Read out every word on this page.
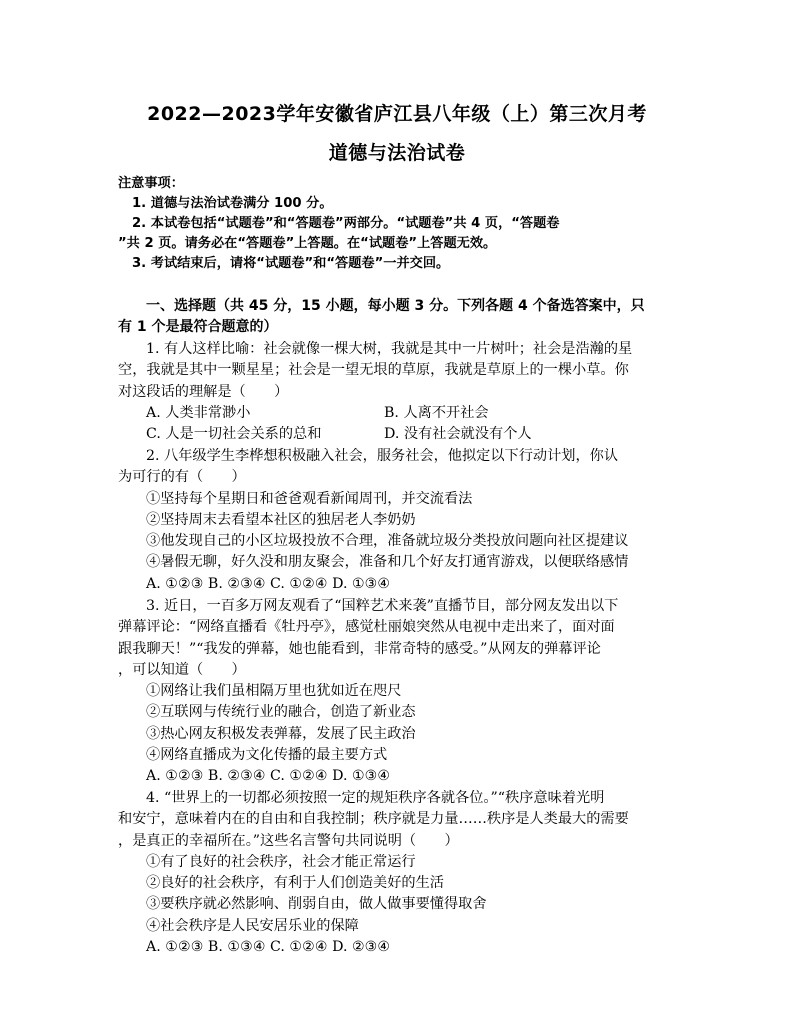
2022—2023学年安徽省庐江县八年级（上）第三次月考
道德与法治试卷

注意事项：

1. 道德与法治试卷满分 100 分。

2. 本试卷包括“试题卷”和“答题卷”两部分。“试题卷”共 4 页，“答题卷

”共 2 页。请务必在“答题卷”上答题。在“试题卷”上答题无效。

3. 考试结束后，请将“试题卷”和“答题卷”一并交回。

一、选择题（共 45 分，15 小题，每小题 3 分。下列各题 4 个备选答案中，只

有 1 个是最符合题意的）

1. 有人这样比喻：社会就像一棵大树，我就是其中一片树叶；社会是浩瀚的星

空，我就是其中一颗星星；社会是一望无垠的草原，我就是草原上的一棵小草。你

对这段话的理解是（　　）

A. 人类非常渺小	B. 人离不开社会

C. 人是一切社会关系的总和	D. 没有社会就没有个人

2. 八年级学生李桦想积极融入社会，服务社会，他拟定以下行动计划，你认

为可行的有（　　）

①坚持每个星期日和爸爸观看新闻周刊，并交流看法

②坚持周末去看望本社区的独居老人李奶奶

③他发现自己的小区垃圾投放不合理，准备就垃圾分类投放问题向社区提建议

④暑假无聊，好久没和朋友聚会，准备和几个好友打通宵游戏，以便联络感情

A. ①②③ B. ②③④ C. ①②④ D. ①③④

3. 近日，一百多万网友观看了“国粹艺术来袭”直播节目，部分网友发出以下

弹幕评论：“网络直播看《牡丹亭》，感觉杜丽娘突然从电视中走出来了，面对面

跟我聊天！”“我发的弹幕，她也能看到，非常奇特的感受。”从网友的弹幕评论

，可以知道（　　）

①网络让我们虽相隔万里也犹如近在咫尺

②互联网与传统行业的融合，创造了新业态

③热心网友积极发表弹幕，发展了民主政治

④网络直播成为文化传播的最主要方式

A. ①②③ B. ②③④ C. ①②④ D. ①③④

4. “世界上的一切都必须按照一定的规矩秩序各就各位。”“秩序意味着光明

和安宁，意味着内在的自由和自我控制；秩序就是力量……秩序是人类最大的需要

，是真正的幸福所在。”这些名言警句共同说明（　　）

①有了良好的社会秩序，社会才能正常运行

②良好的社会秩序，有利于人们创造美好的生活

③要秩序就必然影响、削弱自由，做人做事要懂得取舍

④社会秩序是人民安居乐业的保障

A. ①②③ B. ①③④ C. ①②④ D. ②③④
